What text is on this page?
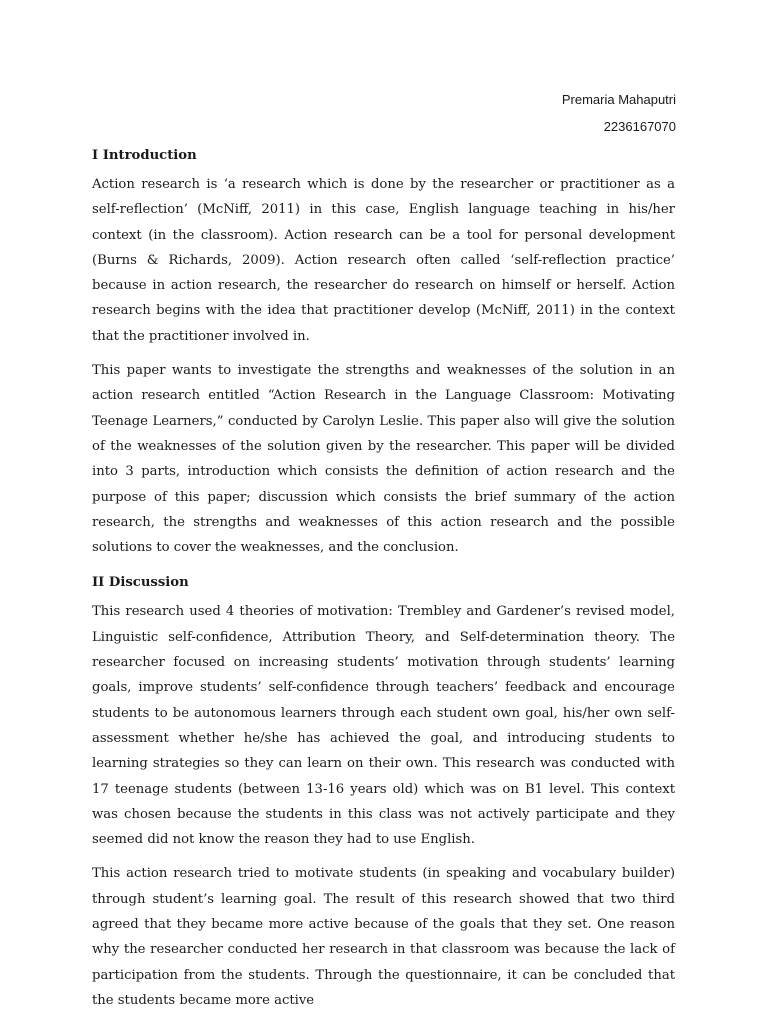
Premaria Mahaputri
2236167070
I Introduction

Action research is ‘a research which is done by the researcher or practitioner as a self-reflection’ (McNiff, 2011) in this case, English language teaching in his/her context (in the classroom). Action research can be a tool for personal development (Burns & Richards, 2009). Action research often called ‘self-reflection practice’ because in action research, the researcher do research on himself or herself. Action research begins with the idea that practitioner develop (McNiff, 2011) in the context that the practitioner involved in.

This paper wants to investigate the strengths and weaknesses of the solution in an action research entitled “Action Research in the Language Classroom: Motivating Teenage Learners,” conducted by Carolyn Leslie. This paper also will give the solution of the weaknesses of the solution given by the researcher. This paper will be divided into 3 parts, introduction which consists the definition of action research and the purpose of this paper; discussion which consists the brief summary of the action research, the strengths and weaknesses of this action research and the possible solutions to cover the weaknesses, and the conclusion.

II Discussion

This research used 4 theories of motivation: Trembley and Gardener’s revised model, Linguistic self-confidence, Attribution Theory, and Self-determination theory. The researcher focused on increasing students’ motivation through students’ learning goals, improve students’ self-confidence through teachers’ feedback and encourage students to be autonomous learners through each student own goal, his/her own self-assessment whether he/she has achieved the goal, and introducing students to learning strategies so they can learn on their own. This research was conducted with 17 teenage students (between 13-16 years old) which was on B1 level. This context was chosen because the students in this class was not actively participate and they seemed did not know the reason they had to use English.

This action research tried to motivate students (in speaking and vocabulary builder) through student’s learning goal. The result of this research showed that two third agreed that they became more active because of the goals that they set. One reason why the researcher conducted her research in that classroom was because the lack of participation from the students. Through the questionnaire, it can be concluded that the students became more active
